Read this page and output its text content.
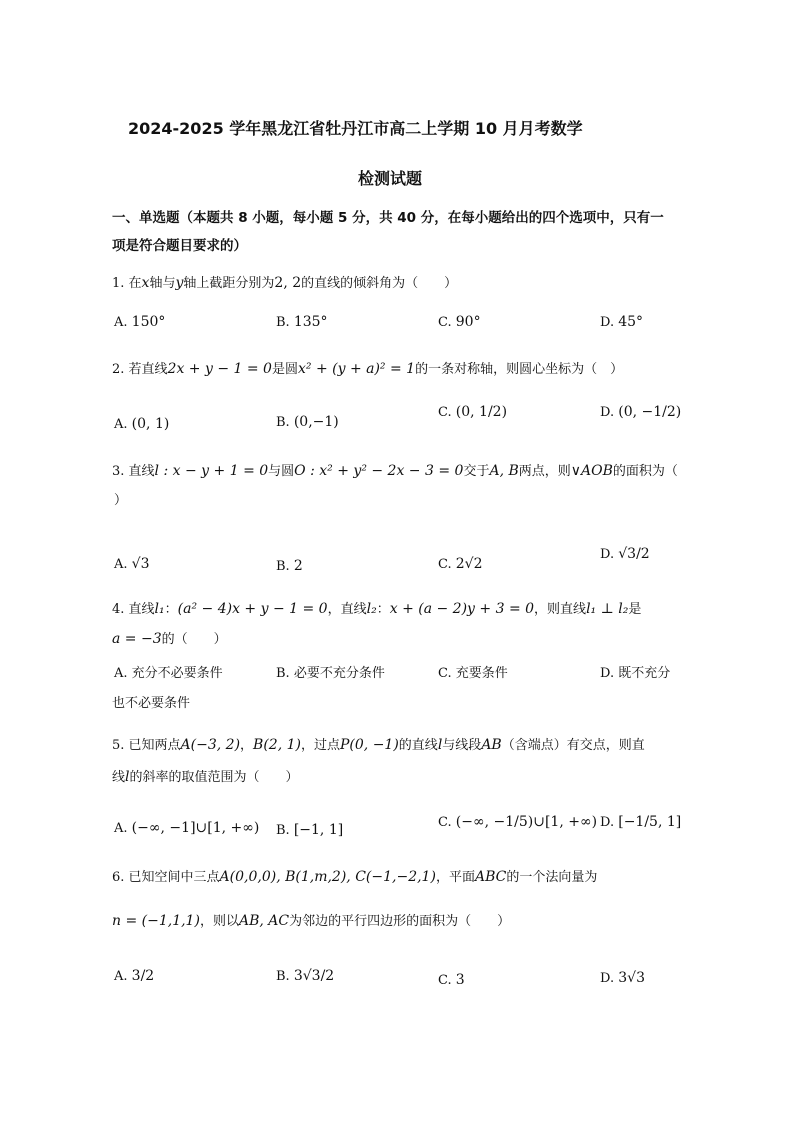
2024-2025 学年黑龙江省牡丹江市高二上学期 10 月月考数学
检测试题
一、单选题（本题共 8 小题，每小题 5 分，共 40 分，在每小题给出的四个选项中，只有一
项是符合题目要求的）
1. 在x轴与y轴上截距分别为2, 2的直线的倾斜角为（　　）
A. 150°	B. 135°	C. 90°	D. 45°
2. 若直线2x + y − 1 = 0是圆x² + (y + a)² = 1的一条对称轴，则圆心坐标为（　）
A. (0, 1)	B. (0,−1)
C. (0, 1/2)	D. (0, −1/2)
3. 直线l : x − y + 1 = 0与圆O : x² + y² − 2x − 3 = 0交于A, B两点，则∨AOB的面积为（
）
A. √3	B. 2	C. 2√2
D. √3/2
4. 直线l₁：(a² − 4)x + y − 1 = 0，直线l₂：x + (a − 2)y + 3 = 0，则直线l₁ ⊥ l₂是
a = −3的（　　）
A. 充分不必要条件	B. 必要不充分条件	C. 充要条件	D. 既不充分
也不必要条件
5. 已知两点A(−3, 2)，B(2, 1)，过点P(0, −1)的直线l与线段AB（含端点）有交点，则直
线l的斜率的取值范围为（　　）
A. (−∞, −1]∪[1, +∞) B. [−1, 1]	C. (−∞, −1/5)∪[1, +∞) D. [−1/5, 1]
6. 已知空间中三点A(0,0,0), B(1,m,2), C(−1,−2,1)，平面ABC的一个法向量为
n = (−1,1,1)，则以AB, AC为邻边的平行四边形的面积为（　　）
A. 3/2	B. 3√3/2	C. 3	D. 3√3
